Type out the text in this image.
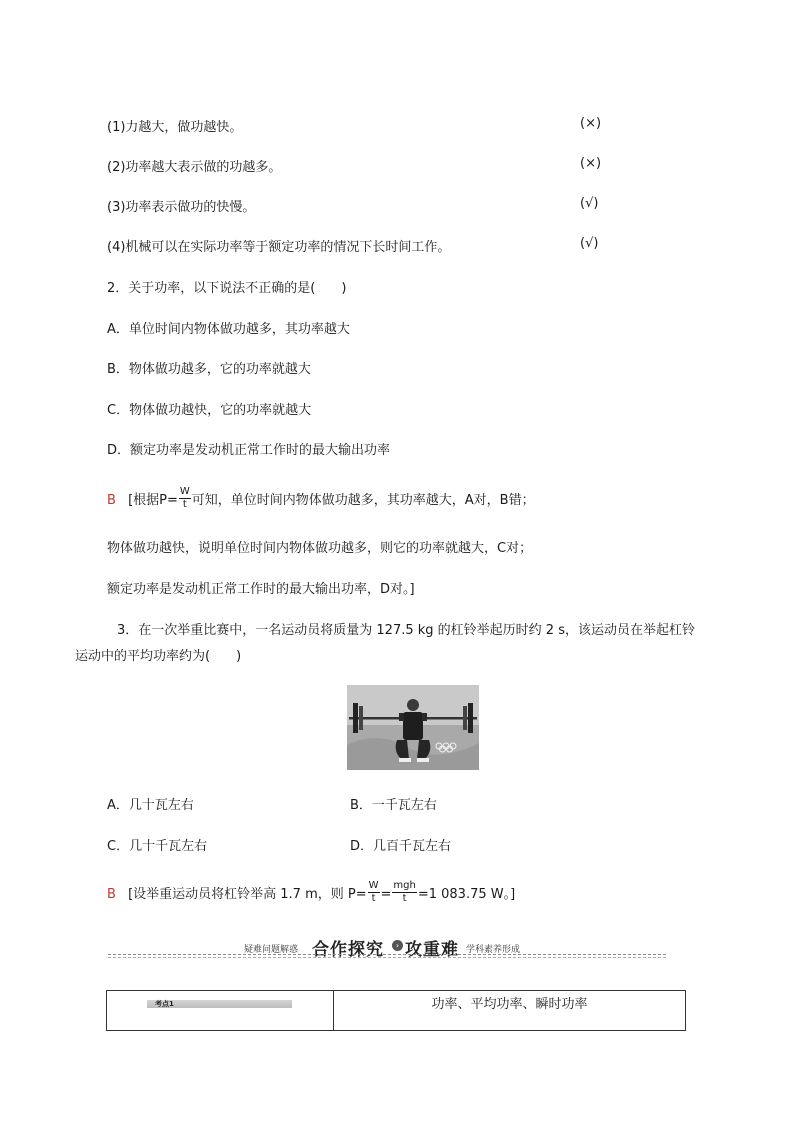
(1)力越大，做功越快。	(×)
(2)功率越大表示做的功越多。	(×)
(3)功率表示做功的快慢。	(√)
(4)机械可以在实际功率等于额定功率的情况下长时间工作。	(√)
2．关于功率，以下说法不正确的是(　　)
A．单位时间内物体做功越多，其功率越大
B．物体做功越多，它的功率就越大
C．物体做功越快，它的功率就越大
D．额定功率是发动机正常工作时的最大输出功率
B [根据$P= \frac{W}{t}$ 可知，单位时间内物体做功越多，其功率越大，A对，B错；
物体做功越快，说明单位时间内物体做功越多，则它的功率就越大，C对；
额定功率是发动机正常工作时的最大输出功率，D对。]
3．在一次举重比赛中，一名运动员将质量为 127.5 kg 的杠铃举起历时约 2 s，该运动员在举起杠铃
运动中的平均功率约为(　　)
A．几十瓦左右	B．一千瓦左右
C．几十千瓦左右	D．几百千瓦左右
B [设举重运动员将杠铃举高 1.7 m，则 $P= \frac{W}{t} = \frac{\text{mgh}}{t} =1$ 083.75 W。]
疑难问题解惑 合作探究	› 攻重难 学科素养形成
考点1	功率、平均功率、瞬时功率
